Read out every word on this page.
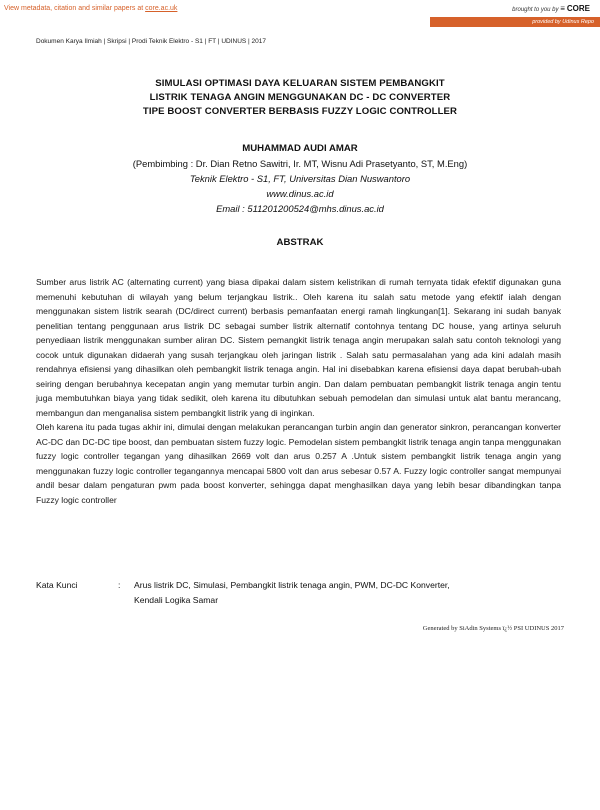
View metadata, citation and similar papers at core.ac.uk	brought to you by ≡ CORE
provided by Udinus Repo
Dokumen Karya Ilmiah | Skripsi | Prodi Teknik Elektro - S1 | FT | UDINUS | 2017
SIMULASI OPTIMASI DAYA KELUARAN SISTEM PEMBANGKIT
LISTRIK TENAGA ANGIN MENGGUNAKAN DC - DC CONVERTER
TIPE BOOST CONVERTER BERBASIS FUZZY LOGIC CONTROLLER
MUHAMMAD AUDI AMAR
(Pembimbing : Dr. Dian Retno Sawitri, Ir. MT, Wisnu Adi Prasetyanto, ST, M.Eng)
Teknik Elektro - S1, FT, Universitas Dian Nuswantoro
www.dinus.ac.id
Email : 511201200524@mhs.dinus.ac.id
ABSTRAK

Sumber arus listrik AC (alternating current) yang biasa dipakai dalam sistem kelistrikan di rumah ternyata tidak efektif digunakan guna memenuhi kebutuhan di wilayah yang belum terjangkau listrik.. Oleh karena itu salah satu metode yang efektif ialah dengan menggunakan sistem listrik searah (DC/direct current) berbasis pemanfaatan energi ramah lingkungan[1]. Sekarang ini sudah banyak penelitian tentang penggunaan arus listrik DC sebagai sumber listrik alternatif contohnya tentang DC house, yang artinya seluruh penyediaan listrik menggunakan sumber aliran DC. Sistem pemangkit listrik tenaga angin merupakan salah satu contoh teknologi yang cocok untuk digunakan didaerah yang susah terjangkau oleh jaringan listrik . Salah satu permasalahan yang ada kini adalah masih rendahnya efisiensi yang dihasilkan oleh pembangkit listrik tenaga angin. Hal ini disebabkan karena efisiensi daya dapat berubah-ubah seiring dengan berubahnya kecepatan angin yang memutar turbin angin. Dan dalam pembuatan pembangkit listrik tenaga angin tentu juga membutuhkan biaya yang tidak sedikit, oleh karena itu dibutuhkan sebuah pemodelan dan simulasi untuk alat bantu merancang, membangun dan menganalisa sistem pembangkit listrik yang di inginkan.

Oleh karena itu pada tugas akhir ini, dimulai dengan melakukan perancangan turbin angin dan generator sinkron, perancangan konverter AC-DC dan DC-DC tipe boost, dan pembuatan sistem fuzzy logic. Pemodelan sistem pembangkit listrik tenaga angin tanpa menggunakan fuzzy logic controller tegangan yang dihasilkan 2669 volt dan arus 0.257 A .Untuk sistem pembangkit listrik tenaga angin yang menggunakan fuzzy logic controller tegangannya mencapai 5800 volt dan arus sebesar 0.57 A. Fuzzy logic controller sangat mempunyai andil besar dalam pengaturan pwm pada boost konverter, sehingga dapat menghasilkan daya yang lebih besar dibandingkan tanpa Fuzzy logic controller

Kata Kunci	: Arus listrik DC, Simulasi, Pembangkit listrik tenaga angin, PWM, DC-DC Konverter,
Kendali Logika Samar
Generated by SiAdin Systems ï¿½ PSI UDINUS 2017
